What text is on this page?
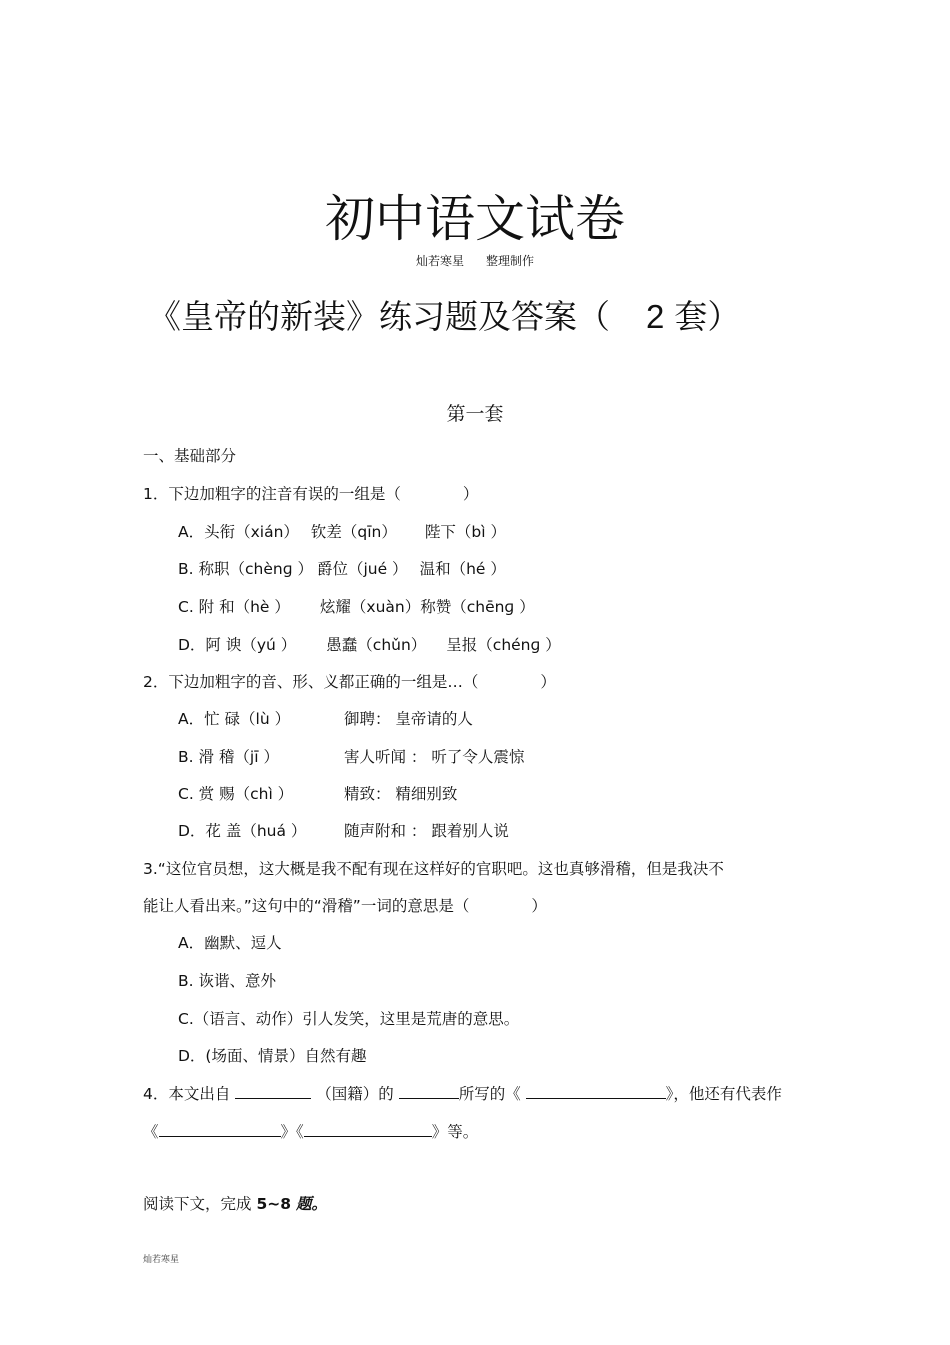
初中语文试卷
灿若寒星 整理制作
《皇帝的新装》练习题及答案（ 2 套）
第一套
一、基础部分
1．下边加粗字的注音有误的一组是（　　　　）
A．头衔（xián） 钦差（qīn） 陛下（bì ）
B. 称职（chènɡ ） 爵位（jué ） 温和（hé ）
C. 附 和（hè ） 炫耀（xuàn）称赞（chēnɡ ）
D．阿 谀（yú ） 愚蠢（chǔn） 呈报（chénɡ ）
2．下边加粗字的音、形、义都正确的一组是…（　　　　）
A．忙 碌（lù ）	御聘： 皇帝请的人
B. 滑 稽（jī ）	害人听闻 ： 听了令人震惊
C. 赏 赐（chì ）	精致： 精细别致
D．花 盖（huá ） 随声附和 ： 跟着别人说
3.“这位官员想，这大概是我不配有现在这样好的官职吧。这也真够滑稽，但是我决不
能让人看出来。”这句中的“滑稽”一词的意思是（　　　　）
A．幽默、逗人
B. 诙谐、意外
C.（语言、动作）引人发笑，这里是荒唐的意思。
D．(场面、情景）自然有趣
4．本文出自	（国籍）的	所写的《	》，他还有代表作
《	》《	》等。
阅读下文，完成 5~8 题。
灿若寒星
